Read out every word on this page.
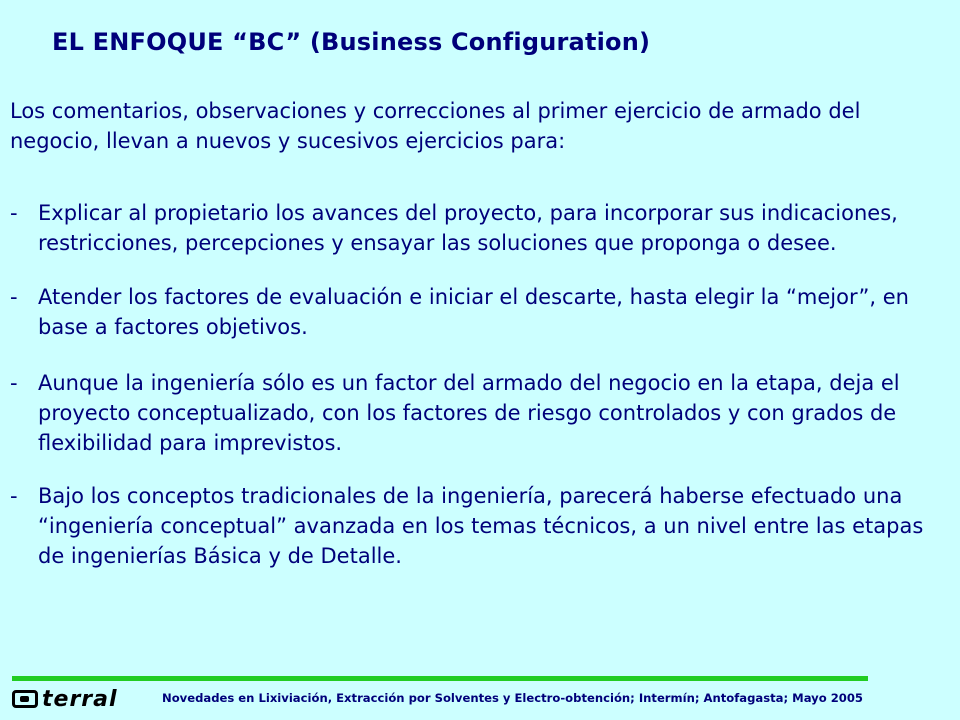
EL ENFOQUE “BC” (Business Configuration)

Los comentarios, observaciones y correcciones al primer ejercicio de armado del negocio, llevan a nuevos y sucesivos ejercicios para:

- Explicar al propietario los avances del proyecto, para incorporar sus indicaciones, restricciones, percepciones y ensayar las soluciones que proponga o desee.
- Atender los factores de evaluación e iniciar el descarte, hasta elegir la “mejor”, en base a factores objetivos.
- Aunque la ingeniería sólo es un factor del armado del negocio en la etapa, deja el proyecto conceptualizado, con los factores de riesgo controlados y con grados de flexibilidad para imprevistos.
- Bajo los conceptos tradicionales de la ingeniería, parecerá haberse efectuado una “ingeniería conceptual” avanzada en los temas técnicos, a un nivel entre las etapas de ingenierías Básica y de Detalle.
terral	Novedades en Lixiviación, Extracción por Solventes y Electro-obtención; Intermín; Antofagasta; Mayo 2005
